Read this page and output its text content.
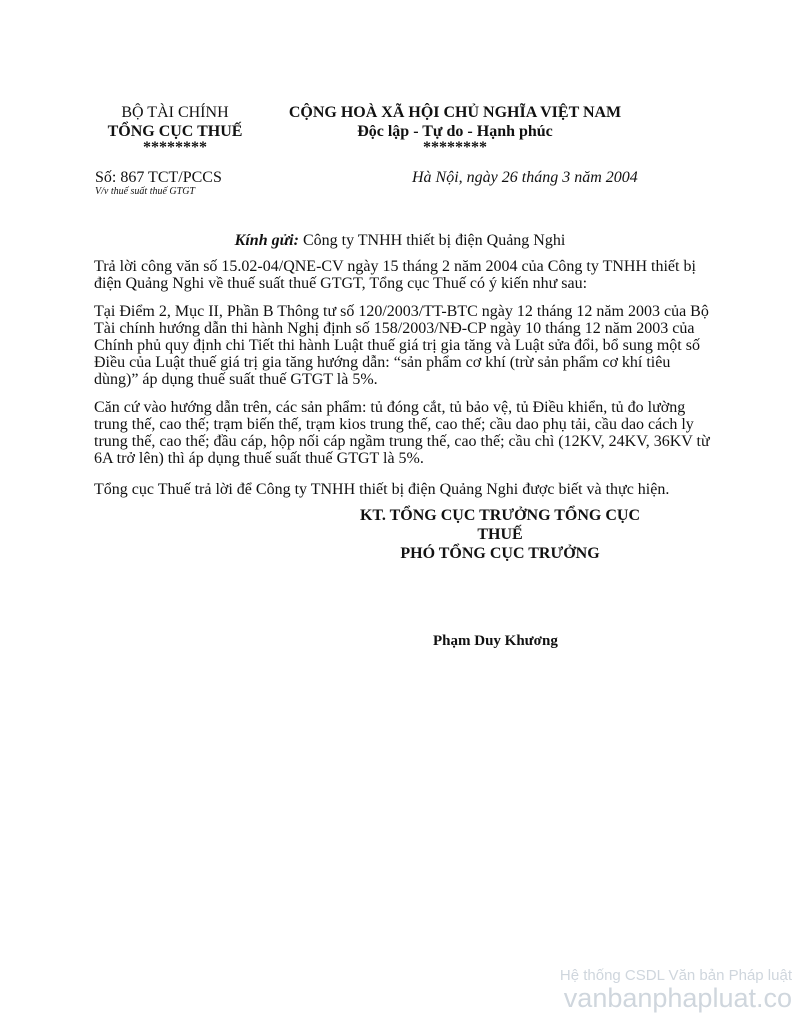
BỘ TÀI CHÍNH
TỔNG CỤC THUẾ
********
CỘNG HOÀ XÃ HỘI CHỦ NGHĨA VIỆT NAM
Độc lập - Tự do - Hạnh phúc
********
Số: 867 TCT/PCCS
V/v thuế suất thuế GTGT
Hà Nội, ngày 26 tháng 3 năm 2004
Kính gửi: Công ty TNHH thiết bị điện Quảng Nghi

Trả lời công văn số 15.02-04/QNE-CV ngày 15 tháng 2 năm 2004 của Công ty TNHH thiết bị điện Quảng Nghi về thuế suất thuế GTGT, Tổng cục Thuế có ý kiến như sau:

Tại Điểm 2, Mục II, Phần B Thông tư số 120/2003/TT-BTC ngày 12 tháng 12 năm 2003 của Bộ Tài chính hướng dẫn thi hành Nghị định số 158/2003/NĐ-CP ngày 10 tháng 12 năm 2003 của Chính phủ quy định chi Tiết thi hành Luật thuế giá trị gia tăng và Luật sửa đổi, bổ sung một số Điều của Luật thuế giá trị gia tăng hướng dẫn: “sản phẩm cơ khí (trừ sản phẩm cơ khí tiêu dùng)” áp dụng thuế suất thuế GTGT là 5%.

Căn cứ vào hướng dẫn trên, các sản phẩm: tủ đóng cắt, tủ bảo vệ, tủ Điều khiển, tủ đo lường trung thế, cao thế; trạm biến thế, trạm kios trung thế, cao thế; cầu dao phụ tải, cầu dao cách ly trung thế, cao thế; đầu cáp, hộp nối cáp ngầm trung thế, cao thế; cầu chì (12KV, 24KV, 36KV từ 6A trở lên) thì áp dụng thuế suất thuế GTGT là 5%.

Tổng cục Thuế trả lời để Công ty TNHH thiết bị điện Quảng Nghi được biết và thực hiện.

KT. TỔNG CỤC TRƯỞNG TỔNG CỤC
THUẾ
PHÓ TỔNG CỤC TRƯỞNG
Phạm Duy Khương
Hệ thống CSDL Văn bản Pháp luật
vanbanphapluat.co
